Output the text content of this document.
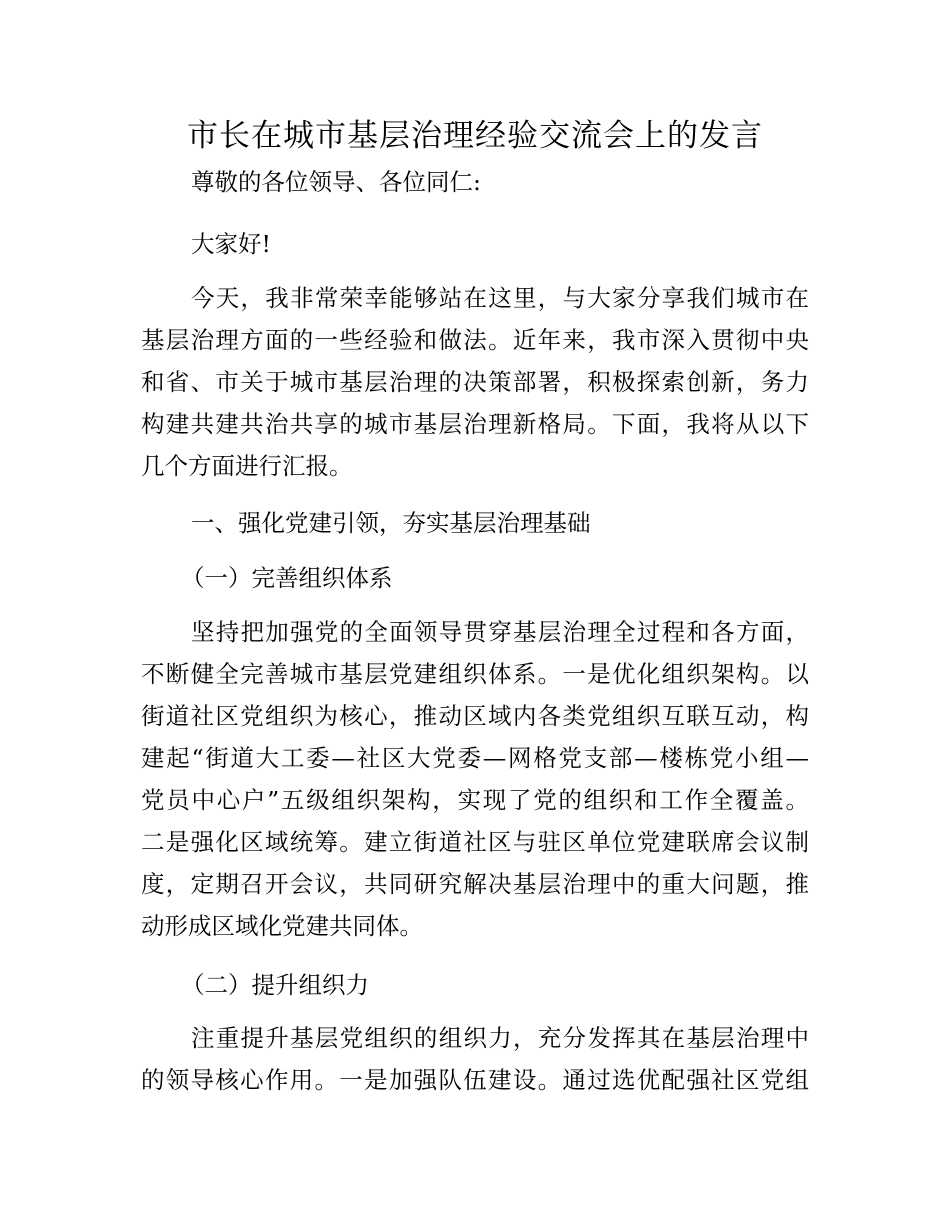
市长在城市基层治理经验交流会上的发言
尊敬的各位领导、各位同仁:
大家好!
今天，我非常荣幸能够站在这里，与大家分享我们城市在
基层治理方面的一些经验和做法。近年来，我市深入贯彻中央
和省、市关于城市基层治理的决策部署，积极探索创新，务力
构建共建共治共享的城市基层治理新格局。下面，我将从以下
几个方面进行汇报。
一、强化党建引领，夯实基层治理基础
（一）完善组织体系
坚持把加强党的全面领导贯穿基层治理全过程和各方面，
不断健全完善城市基层党建组织体系。一是优化组织架构。以
街道社区党组织为核心，推动区域内各类党组织互联互动，构
建起“街道大工委—社区大党委—网格党支部—楼栋党小组—
党员中心户”五级组织架构，实现了党的组织和工作全覆盖。
二是强化区域统筹。建立街道社区与驻区单位党建联席会议制
度，定期召开会议，共同研究解决基层治理中的重大问题，推
动形成区域化党建共同体。
（二）提升组织力
注重提升基层党组织的组织力，充分发挥其在基层治理中
的领导核心作用。一是加强队伍建设。通过选优配强社区党组
